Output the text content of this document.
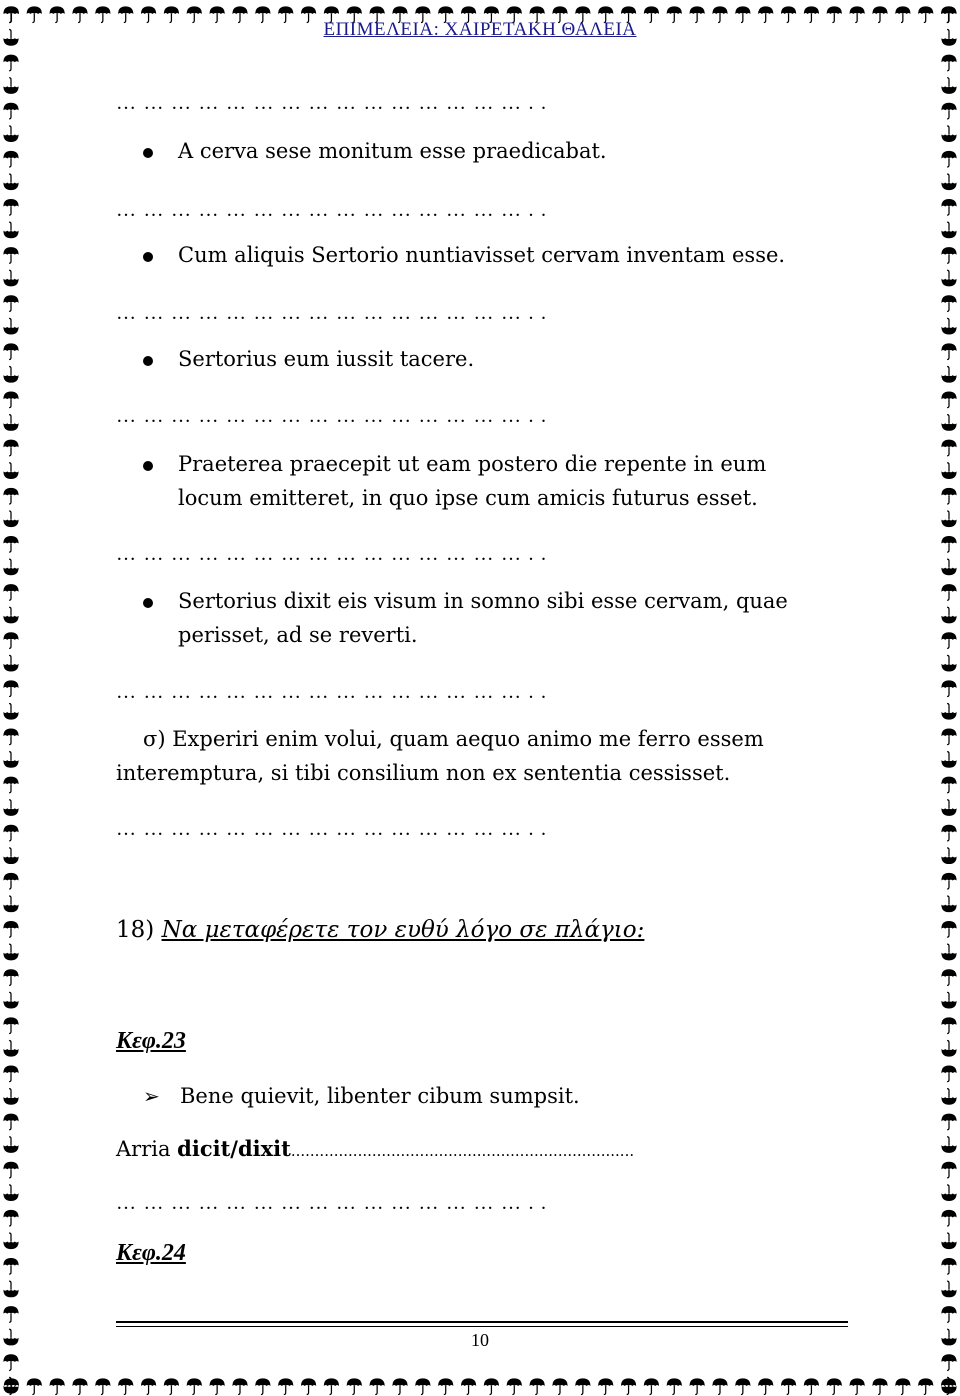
ΕΠΙΜΕΛΕΙΑ: ΧΑΙΡΕΤΑΚΗ ΘΑΛΕΙΑ
………………………………………..
A cerva sese monitum esse praedicabat.
………………………………………..
Cum aliquis Sertorio nuntiavisset cervam inventam esse.
………………………………………..
Sertorius eum iussit tacere.
………………………………………..
Praeterea praecepit ut eam postero die repente in eum
locum emitteret, in quo ipse cum amicis futurus esset.
………………………………………..
Sertorius dixit eis visum in somno sibi esse cervam, quae
perisset, ad se reverti.
………………………………………..
σ) Experiri enim volui, quam aequo animo me ferro essem
interemptura, si tibi consilium non ex sententia cessisset.
………………………………………..
18) Να μεταφέρετε τον ευθύ λόγο σε πλάγιο:
Κεφ.23
➢ Bene quievit, libenter cibum sumpsit.
Arria dicit/dixit........................................................................
………………………………………..
Κεφ.24
10
